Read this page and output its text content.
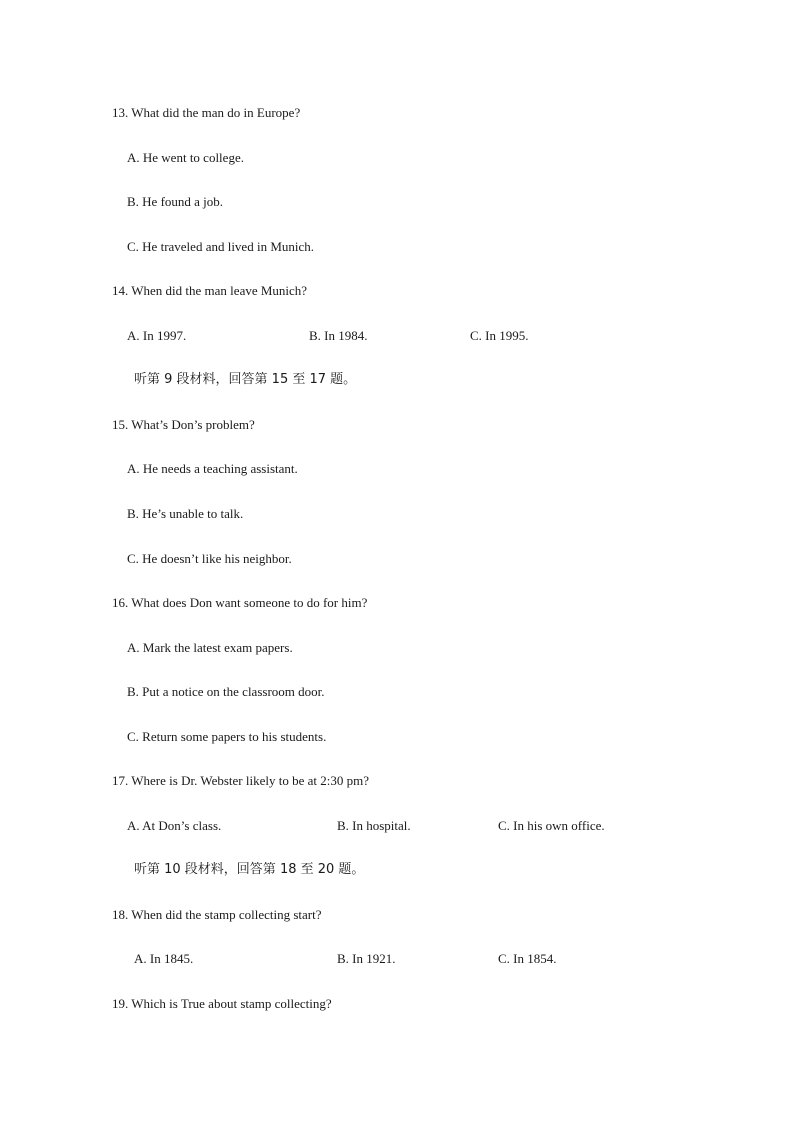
13. What did the man do in Europe?
A. He went to college.
B. He found a job.
C. He traveled and lived in Munich.
14. When did the man leave Munich?
A. In 1997.	B. In 1984.	C. In 1995.
听第 9 段材料，回答第 15 至 17 题。
15. What’s Don’s problem?
A. He needs a teaching assistant.
B. He’s unable to talk.
C. He doesn’t like his neighbor.
16. What does Don want someone to do for him?
A. Mark the latest exam papers.
B. Put a notice on the classroom door.
C. Return some papers to his students.
17. Where is Dr. Webster likely to be at 2:30 pm?
A. At Don’s class.	B. In hospital.	C. In his own office.
听第 10 段材料，回答第 18 至 20 题。
18. When did the stamp collecting start?
A. In 1845.	B. In 1921.	C. In 1854.
19. Which is True about stamp collecting?
